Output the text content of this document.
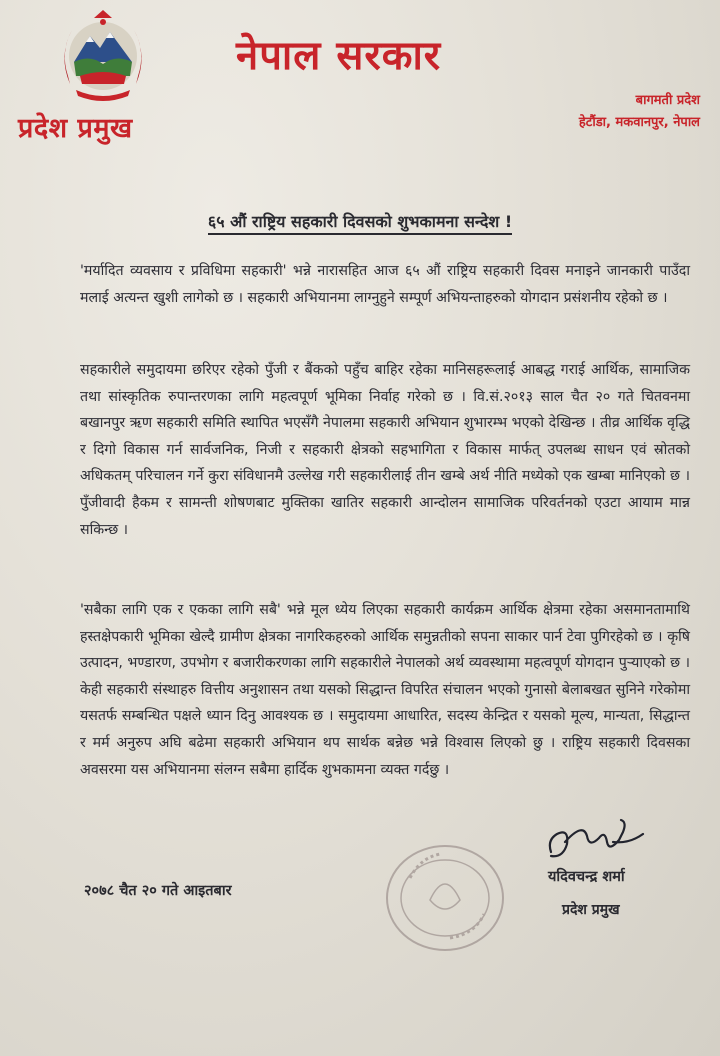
प्रदेश प्रमुख
नेपाल सरकार
बागमती प्रदेश
हेटौंडा, मकवानपुर, नेपाल
६५ औं राष्ट्रिय सहकारी दिवसको शुभकामना सन्देश !
'मर्यादित व्यवसाय र प्रविधिमा सहकारी' भन्ने नारासहित आज ६५ औं राष्ट्रिय सहकारी दिवस मनाइने जानकारी पाउँदा मलाई अत्यन्त खुशी लागेको छ । सहकारी अभियानमा लाग्नुहुने सम्पूर्ण अभियन्ताहरुको योगदान प्रसंशनीय रहेको छ ।
सहकारीले समुदायमा छरिएर रहेको पुँजी र बैंकको पहुँच बाहिर रहेका मानिसहरूलाई आबद्ध गराई आर्थिक, सामाजिक तथा सांस्कृतिक रुपान्तरणका लागि महत्वपूर्ण भूमिका निर्वाह गरेको छ । वि.सं.२०१३ साल चैत २० गते चितवनमा बखानपुर ऋण सहकारी समिति स्थापित भएसँगै नेपालमा सहकारी अभियान शुभारम्भ भएको देखिन्छ । तीव्र आर्थिक वृद्धि र दिगो विकास गर्न सार्वजनिक, निजी र सहकारी क्षेत्रको सहभागिता र विकास मार्फत् उपलब्ध साधन एवं स्रोतको अधिकतम् परिचालन गर्ने कुरा संविधानमै उल्लेख गरी सहकारीलाई तीन खम्बे अर्थ नीति मध्येको एक खम्बा मानिएको छ । पुँजीवादी हैकम र सामन्ती शोषणबाट मुक्तिका खातिर सहकारी आन्दोलन सामाजिक परिवर्तनको एउटा आयाम मान्न सकिन्छ ।
'सबैका लागि एक र एकका लागि सबै' भन्ने मूल ध्येय लिएका सहकारी कार्यक्रम आर्थिक क्षेत्रमा रहेका असमानतामाथि हस्तक्षेपकारी भूमिका खेल्दै ग्रामीण क्षेत्रका नागरिकहरुको आर्थिक समुन्नतीको सपना साकार पार्न टेवा पुगिरहेको छ । कृषि उत्पादन, भण्डारण, उपभोग र बजारीकरणका लागि सहकारीले नेपालको अर्थ व्यवस्थामा महत्वपूर्ण योगदान पुऱ्याएको छ । केही सहकारी संस्थाहरु वित्तीय अनुशासन तथा यसको सिद्धान्त विपरित संचालन भएको गुनासो बेलाबखत सुनिने गरेकोमा यसतर्फ सम्बन्धित पक्षले ध्यान दिनु आवश्यक छ । समुदायमा आधारित, सदस्य केन्द्रित र यसको मूल्य, मान्यता, सिद्धान्त र मर्म अनुरुप अघि बढेमा सहकारी अभियान थप सार्थक बन्नेछ भन्ने विश्वास लिएको छु । राष्ट्रिय सहकारी दिवसका अवसरमा यस अभियानमा संलग्न सबैमा हार्दिक शुभकामना व्यक्त गर्दछु ।
२०७८ चैत २० गते आइतबार
यदिवचन्द्र शर्मा
प्रदेश प्रमुख
